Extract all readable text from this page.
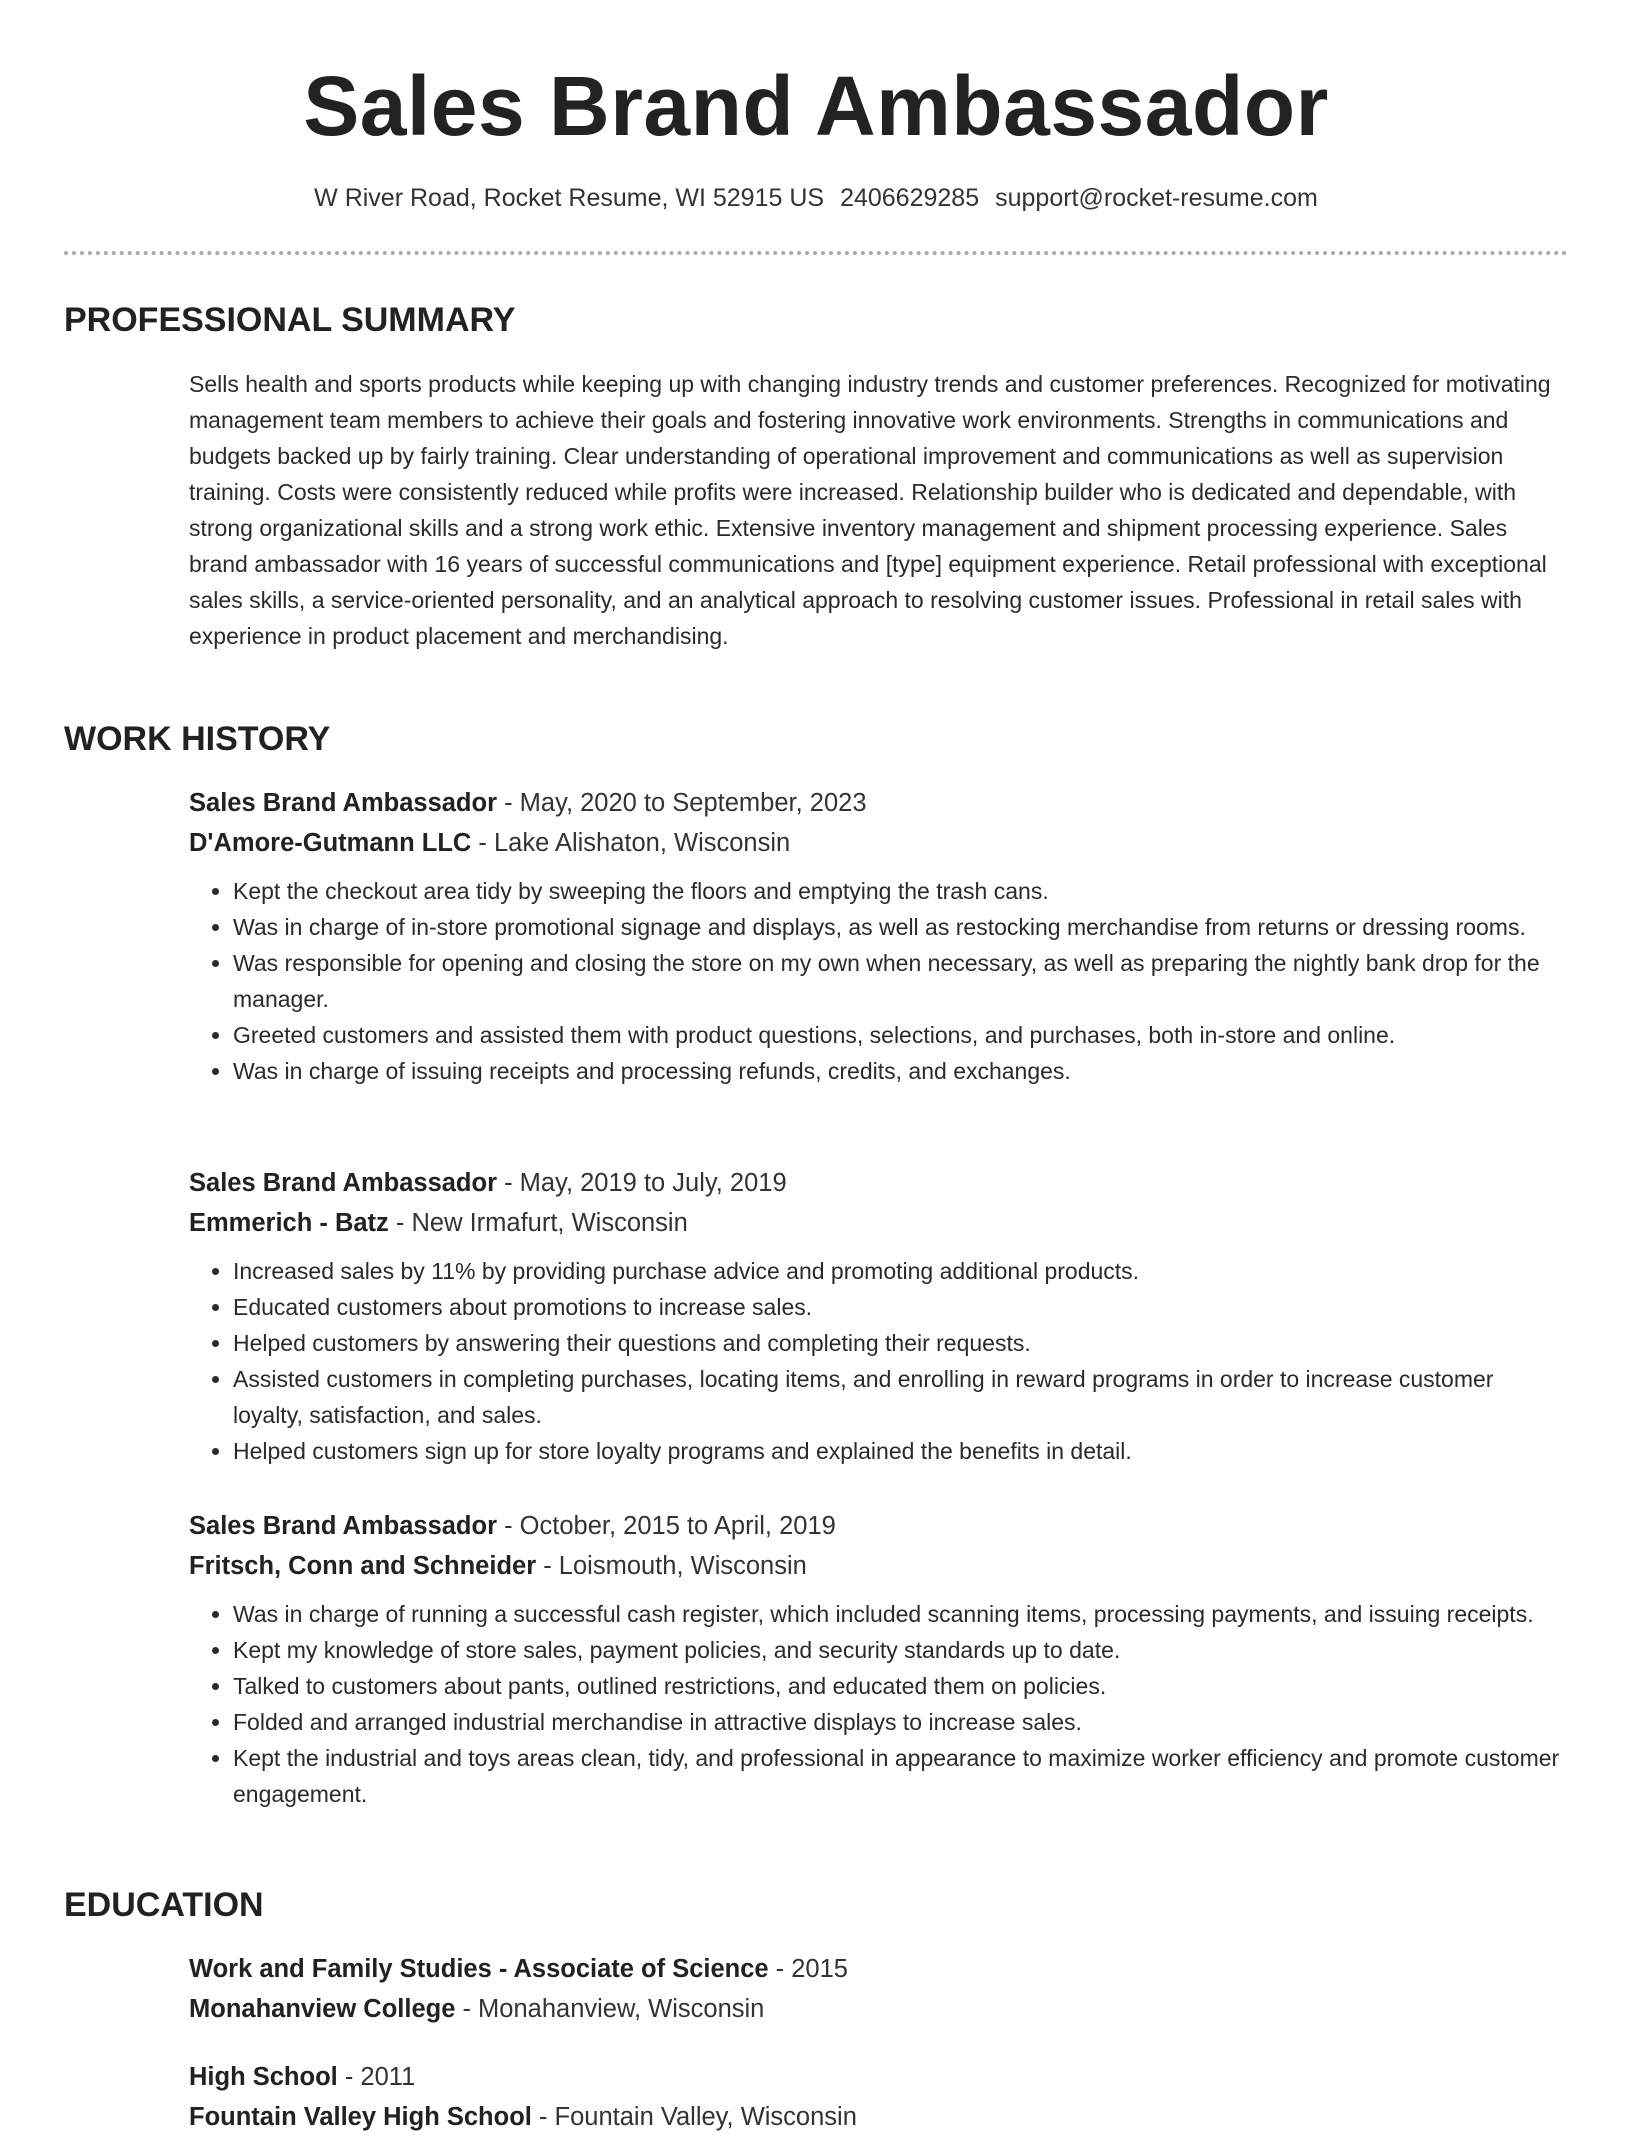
Sales Brand Ambassador
W River Road, Rocket Resume, WI 52915 US 2406629285 support@rocket-resume.com
PROFESSIONAL SUMMARY
Sells health and sports products while keeping up with changing industry trends and customer preferences. Recognized for motivating management team members to achieve their goals and fostering innovative work environments. Strengths in communications and budgets backed up by fairly training. Clear understanding of operational improvement and communications as well as supervision training. Costs were consistently reduced while profits were increased. Relationship builder who is dedicated and dependable, with strong organizational skills and a strong work ethic. Extensive inventory management and shipment processing experience. Sales brand ambassador with 16 years of successful communications and [type] equipment experience. Retail professional with exceptional sales skills, a service-oriented personality, and an analytical approach to resolving customer issues. Professional in retail sales with experience in product placement and merchandising.
WORK HISTORY
Sales Brand Ambassador - May, 2020 to September, 2023
D'Amore-Gutmann LLC - Lake Alishaton, Wisconsin
• Kept the checkout area tidy by sweeping the floors and emptying the trash cans.
• Was in charge of in-store promotional signage and displays, as well as restocking merchandise from returns or dressing rooms.
• Was responsible for opening and closing the store on my own when necessary, as well as preparing the nightly bank drop for the manager.
• Greeted customers and assisted them with product questions, selections, and purchases, both in-store and online.
• Was in charge of issuing receipts and processing refunds, credits, and exchanges.
Sales Brand Ambassador - May, 2019 to July, 2019
Emmerich - Batz - New Irmafurt, Wisconsin
• Increased sales by 11% by providing purchase advice and promoting additional products.
• Educated customers about promotions to increase sales.
• Helped customers by answering their questions and completing their requests.
• Assisted customers in completing purchases, locating items, and enrolling in reward programs in order to increase customer loyalty, satisfaction, and sales.
• Helped customers sign up for store loyalty programs and explained the benefits in detail.
Sales Brand Ambassador - October, 2015 to April, 2019
Fritsch, Conn and Schneider - Loismouth, Wisconsin
• Was in charge of running a successful cash register, which included scanning items, processing payments, and issuing receipts.
• Kept my knowledge of store sales, payment policies, and security standards up to date.
• Talked to customers about pants, outlined restrictions, and educated them on policies.
• Folded and arranged industrial merchandise in attractive displays to increase sales.
• Kept the industrial and toys areas clean, tidy, and professional in appearance to maximize worker efficiency and promote customer engagement.
EDUCATION
Work and Family Studies - Associate of Science - 2015
Monahanview College - Monahanview, Wisconsin
High School - 2011
Fountain Valley High School - Fountain Valley, Wisconsin
